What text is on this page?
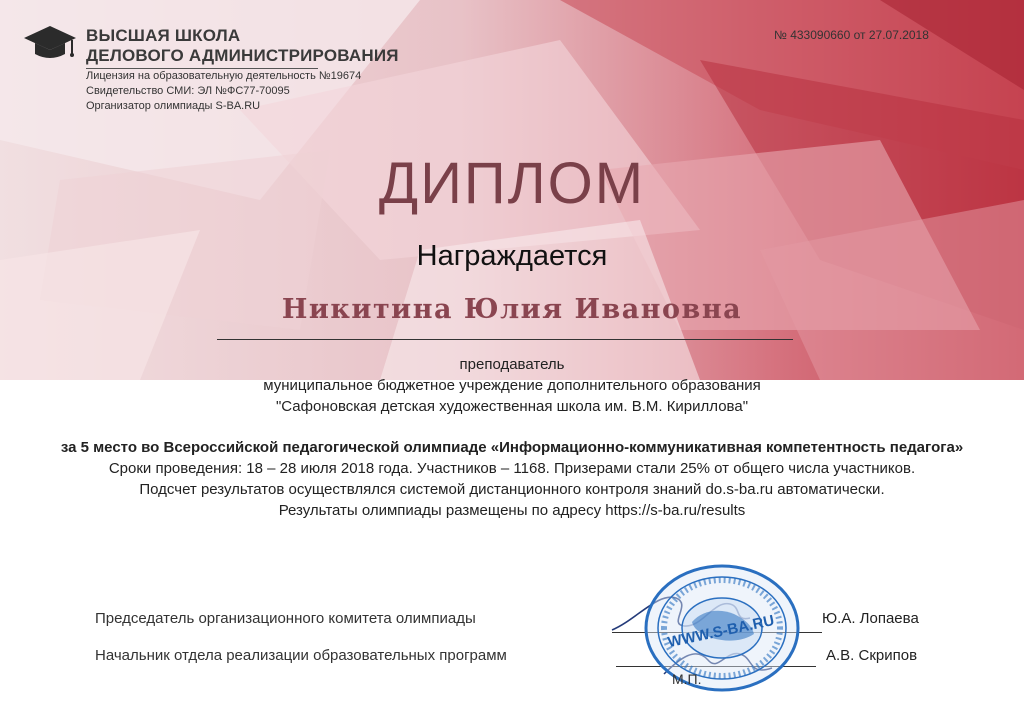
ВЫСШАЯ ШКОЛА
ДЕЛОВОГО АДМИНИСТРИРОВАНИЯ
Лицензия на образовательную деятельность №19674
Свидетельство СМИ: ЭЛ №ФС77-70095
Организатор олимпиады S-BA.RU
№ 433090660 от 27.07.2018
ДИПЛОМ
Награждается
Никитина Юлия Ивановна
преподаватель
муниципальное бюджетное учреждение дополнительного образования
"Сафоновская детская художественная школа им. В.М. Кириллова"
за 5 место во Всероссийской педагогической олимпиаде «Информационно-коммуникативная компетентность педагога»
Сроки проведения: 18 – 28 июля 2018 года. Участников – 1168. Призерами стали 25% от общего числа участников.
Подсчет результатов осуществлялся системой дистанционного контроля знаний do.s-ba.ru автоматически.
Результаты олимпиады размещены по адресу https://s-ba.ru/results
Председатель организационного комитета олимпиады	Ю.А. Лопаева
Начальник отдела реализации образовательных программ	А.В. Скрипов
WWW.S-BA.RU
М.П.
